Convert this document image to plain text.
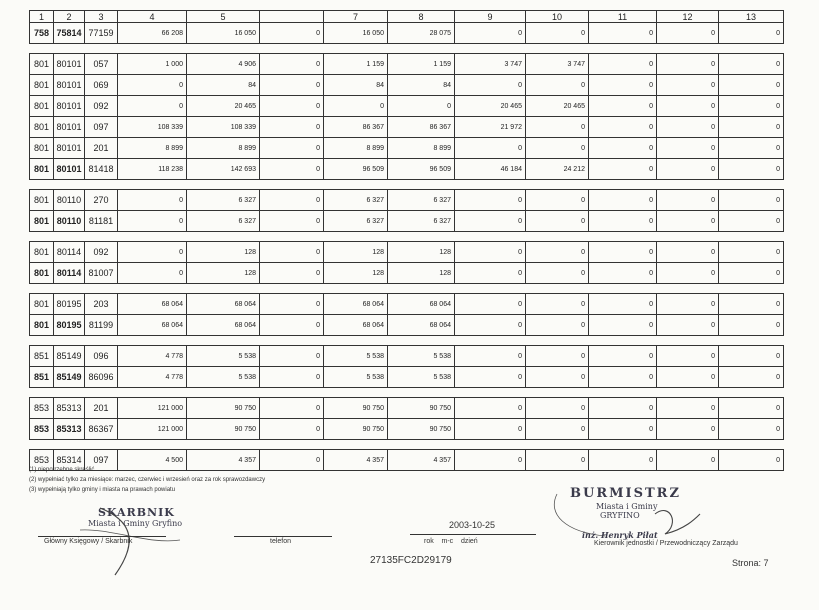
1	2	3	4	5		7	8	9	10	11	12	13
758	75814	77159	66 208	16 050	0	16 050	28 075	0	0	0	0	0

801	80101	057	1 000	4 906	0	1 159	1 159	3 747	3 747	0	0	0
801	80101	069	0	84	0	84	84	0	0	0	0	0
801	80101	092	0	20 465	0	0	0	20 465	20 465	0	0	0
801	80101	097	108 339	108 339	0	86 367	86 367	21 972	0	0	0	0
801	80101	201	8 899	8 899	0	8 899	8 899	0	0	0	0	0
801	80101	81418	118 238	142 693	0	96 509	96 509	46 184	24 212	0	0	0

801	80110	270	0	6 327	0	6 327	6 327	0	0	0	0	0
801	80110	81181	0	6 327	0	6 327	6 327	0	0	0	0	0

801	80114	092	0	128	0	128	128	0	0	0	0	0
801	80114	81007	0	128	0	128	128	0	0	0	0	0

801	80195	203	68 064	68 064	0	68 064	68 064	0	0	0	0	0
801	80195	81199	68 064	68 064	0	68 064	68 064	0	0	0	0	0

851	85149	096	4 778	5 538	0	5 538	5 538	0	0	0	0	0
851	85149	86096	4 778	5 538	0	5 538	5 538	0	0	0	0	0

853	85313	201	121 000	90 750	0	90 750	90 750	0	0	0	0	0
853	85313	86367	121 000	90 750	0	90 750	90 750	0	0	0	0	0

853	85314	097	4 500	4 357	0	4 357	4 357	0	0	0	0	0
(1) niepotrzebne skreślić
(2) wypełniać tylko za miesiące: marzec, czerwiec i wrzesień oraz za rok sprawozdawczy
(3) wypełniają tylko gminy i miasta na prawach powiatu
SKARBNIK
Miasta i Gminy Gryfino
Główny Księgowy / Skarbnik	telefon
2003-10-25
rok    m-c    dzień
BURMISTRZ
Miasta i Gminy
GRYFINO
inż. Henryk Piłat
Kierownik jednostki / Przewodniczący Zarządu
27135FC2D29179	Strona: 7
